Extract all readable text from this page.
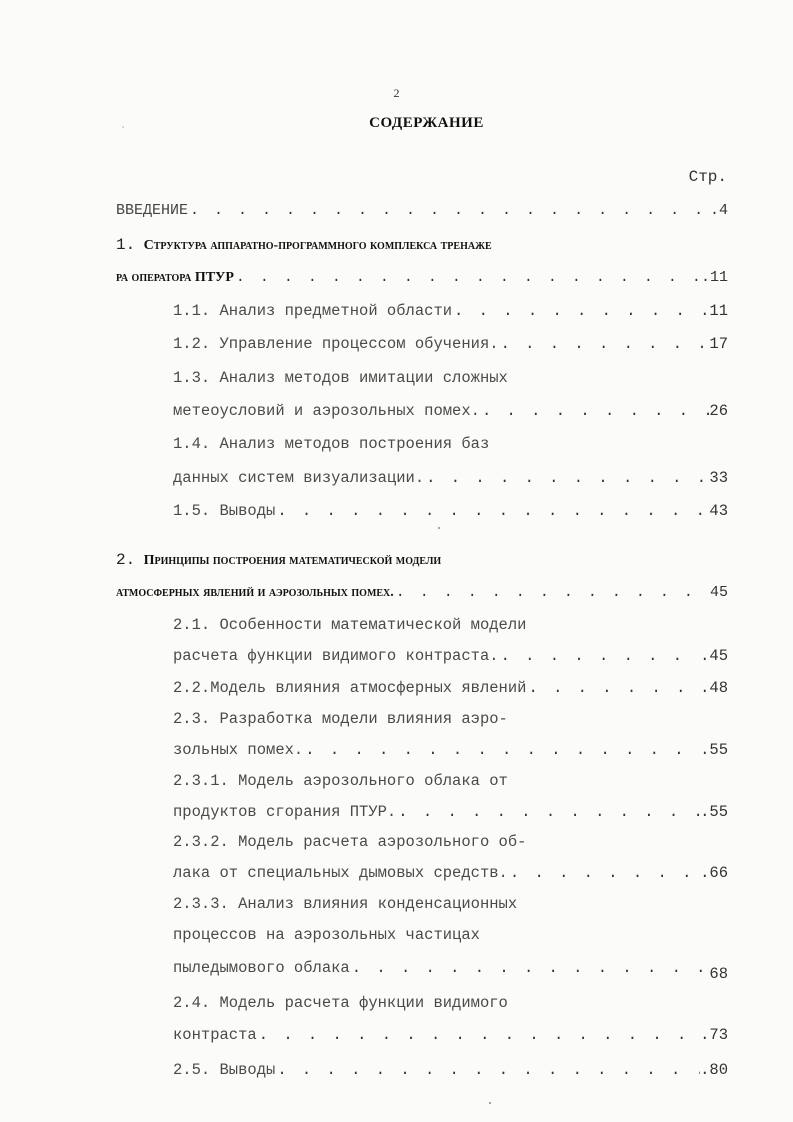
2
СОДЕРЖАНИЕ
Стр.
ВВЕДЕНИЕ . . .	.4
1. Структура аппаратно-программного комплекса тренаже
ра оператора ПТУР . . .	.11
1.1. Анализ предметной области . . .	.11
1.2. Управление процессом обучения. . . .	17
1.3. Анализ методов имитации сложных
метеоусловий и аэрозольных помех. . . .	26
1.4. Анализ методов построения баз
данных систем визуализации. . . .	33
1.5. Выводы . . .	43
2. Принципы построения математической модели
атмосферных явлений и аэрозольных помех. . . .	45
2.1. Особенности математической модели
расчета функции видимого контраста. . . .	.45
2.2.Модель влияния атмосферных явлений . . .	.48
2.3. Разработка модели влияния аэро-
зольных помех. . . .	.55
2.3.1. Модель аэрозольного облака от
продуктов сгорания ПТУР. . . .	.55
2.3.2. Модель расчета аэрозольного об-
лака от специальных дымовых средств. . . .	.66
2.3.3. Анализ влияния конденсационных
процессов на аэрозольных частицах
пыледымового облака . . .	68
2.4. Модель расчета функции видимого
контраста . . .	.73
2.5. Выводы . . .	.80
